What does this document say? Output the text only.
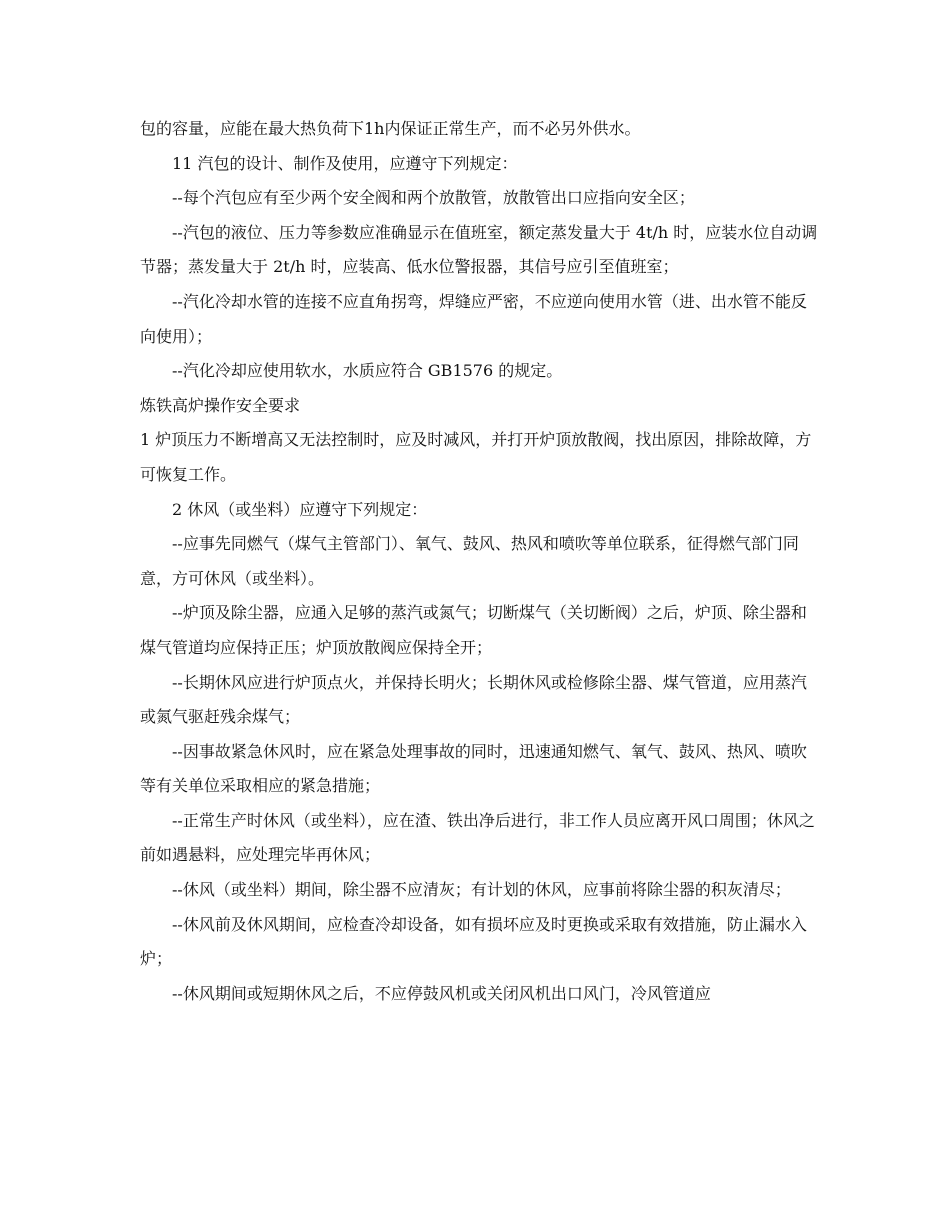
包的容量，应能在最大热负荷下1h内保证正常生产，而不必另外供水。

11 汽包的设计、制作及使用，应遵守下列规定：

--每个汽包应有至少两个安全阀和两个放散管，放散管出口应指向安全区；

--汽包的液位、压力等参数应准确显示在值班室，额定蒸发量大于 4t/h 时，应装水位自动调节器；蒸发量大于 2t/h 时，应装高、低水位警报器，其信号应引至值班室；

--汽化冷却水管的连接不应直角拐弯，焊缝应严密，不应逆向使用水管（进、出水管不能反向使用）；

--汽化冷却应使用软水，水质应符合 GB1576 的规定。

炼铁高炉操作安全要求

1 炉顶压力不断增高又无法控制时，应及时减风，并打开炉顶放散阀，找出原因，排除故障，方可恢复工作。

2 休风（或坐料）应遵守下列规定：

--应事先同燃气（煤气主管部门）、氧气、鼓风、热风和喷吹等单位联系，征得燃气部门同意，方可休风（或坐料）。

--炉顶及除尘器，应通入足够的蒸汽或氮气；切断煤气（关切断阀）之后，炉顶、除尘器和煤气管道均应保持正压；炉顶放散阀应保持全开；

--长期休风应进行炉顶点火，并保持长明火；长期休风或检修除尘器、煤气管道，应用蒸汽或氮气驱赶残余煤气；

--因事故紧急休风时，应在紧急处理事故的同时，迅速通知燃气、氧气、鼓风、热风、喷吹等有关单位采取相应的紧急措施；

--正常生产时休风（或坐料），应在渣、铁出净后进行，非工作人员应离开风口周围；休风之前如遇悬料，应处理完毕再休风；

--休风（或坐料）期间，除尘器不应清灰；有计划的休风，应事前将除尘器的积灰清尽；

--休风前及休风期间，应检查冷却设备，如有损坏应及时更换或采取有效措施，防止漏水入炉；

--休风期间或短期休风之后，不应停鼓风机或关闭风机出口风门，冷风管道应
